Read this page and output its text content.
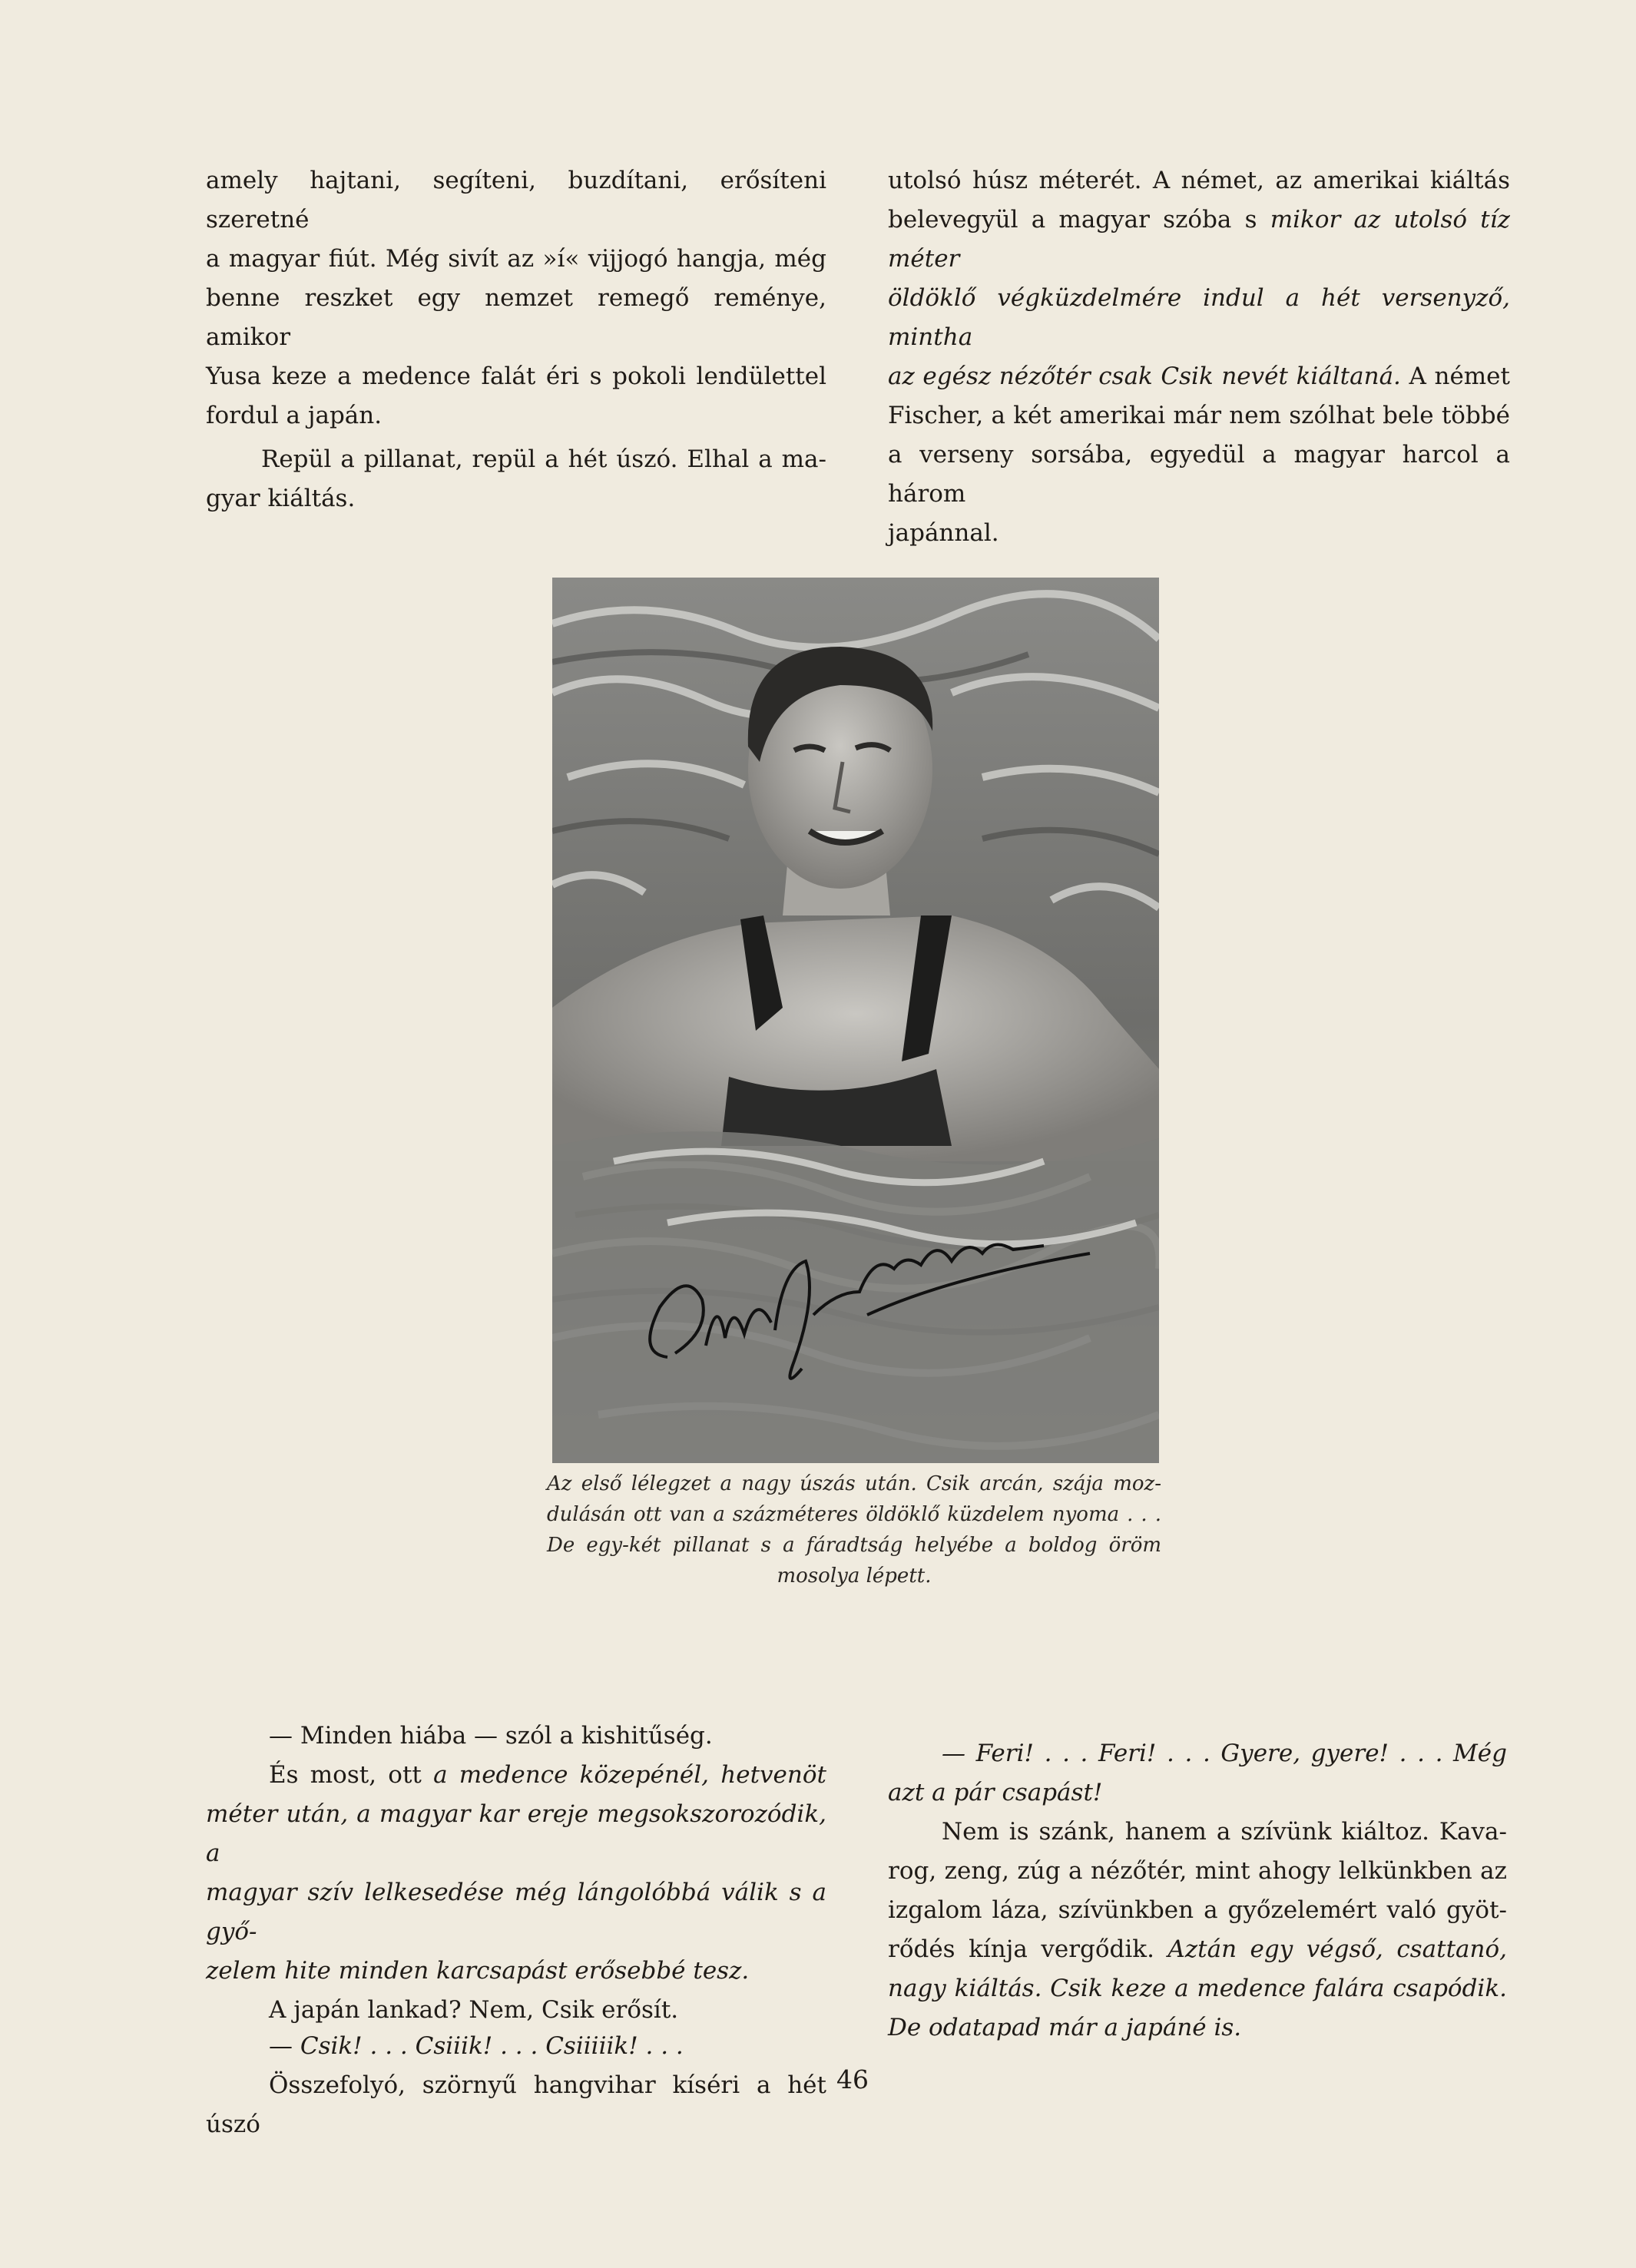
amely hajtani, segíteni, buzdítani, erősíteni szeretné
a magyar fiút. Még sivít az »í« vijjogó hangja, még
benne reszket egy nemzet remegő reménye, amikor
Yusa keze a medence falát éri s pokoli lendülettel
fordul a japán.

Repül a pillanat, repül a hét úszó. Elhal a ma-
gyar kiáltás.

utolsó húsz méterét. A német, az amerikai kiáltás
belevegyül a magyar szóba s mikor az utolsó tíz méter
öldöklő végküzdelmére indul a hét versenyző, mintha
az egész nézőtér csak Csik nevét kiáltaná. A német
Fischer, a két amerikai már nem szólhat bele többé
a verseny sorsába, egyedül a magyar harcol a három
japánnal.

Az első lélegzet a nagy úszás után. Csik arcán, szája moz-

dulásán ott van a százméteres öldöklő küzdelem nyoma . . .

De egy-két pillanat s a fáradtság helyébe a boldog öröm

mosolya lépett.

— Minden hiába — szól a kishitűség.
És most, ott a medence közepénél, hetvenöt
méter után, a magyar kar ereje megsokszorozódik, a
magyar szív lelkesedése még lángolóbbá válik s a győ-
zelem hite minden karcsapást erősebbé tesz.
A japán lankad? Nem, Csik erősít.
— Csik! . . . Csiiik! . . . Csiiiiik! . . .
Összefolyó, szörnyű hangvihar kíséri a hét úszó
— Feri! . . . Feri! . . . Gyere, gyere! . . . Még
azt a pár csapást!
Nem is szánk, hanem a szívünk kiáltoz. Kava-
rog, zeng, zúg a nézőtér, mint ahogy lelkünkben az
izgalom láza, szívünkben a győzelemért való gyöt-
rődés kínja vergődik. Aztán egy végső, csattanó,
nagy kiáltás. Csik keze a medence falára csapódik.
De odatapad már a japáné is.
46
